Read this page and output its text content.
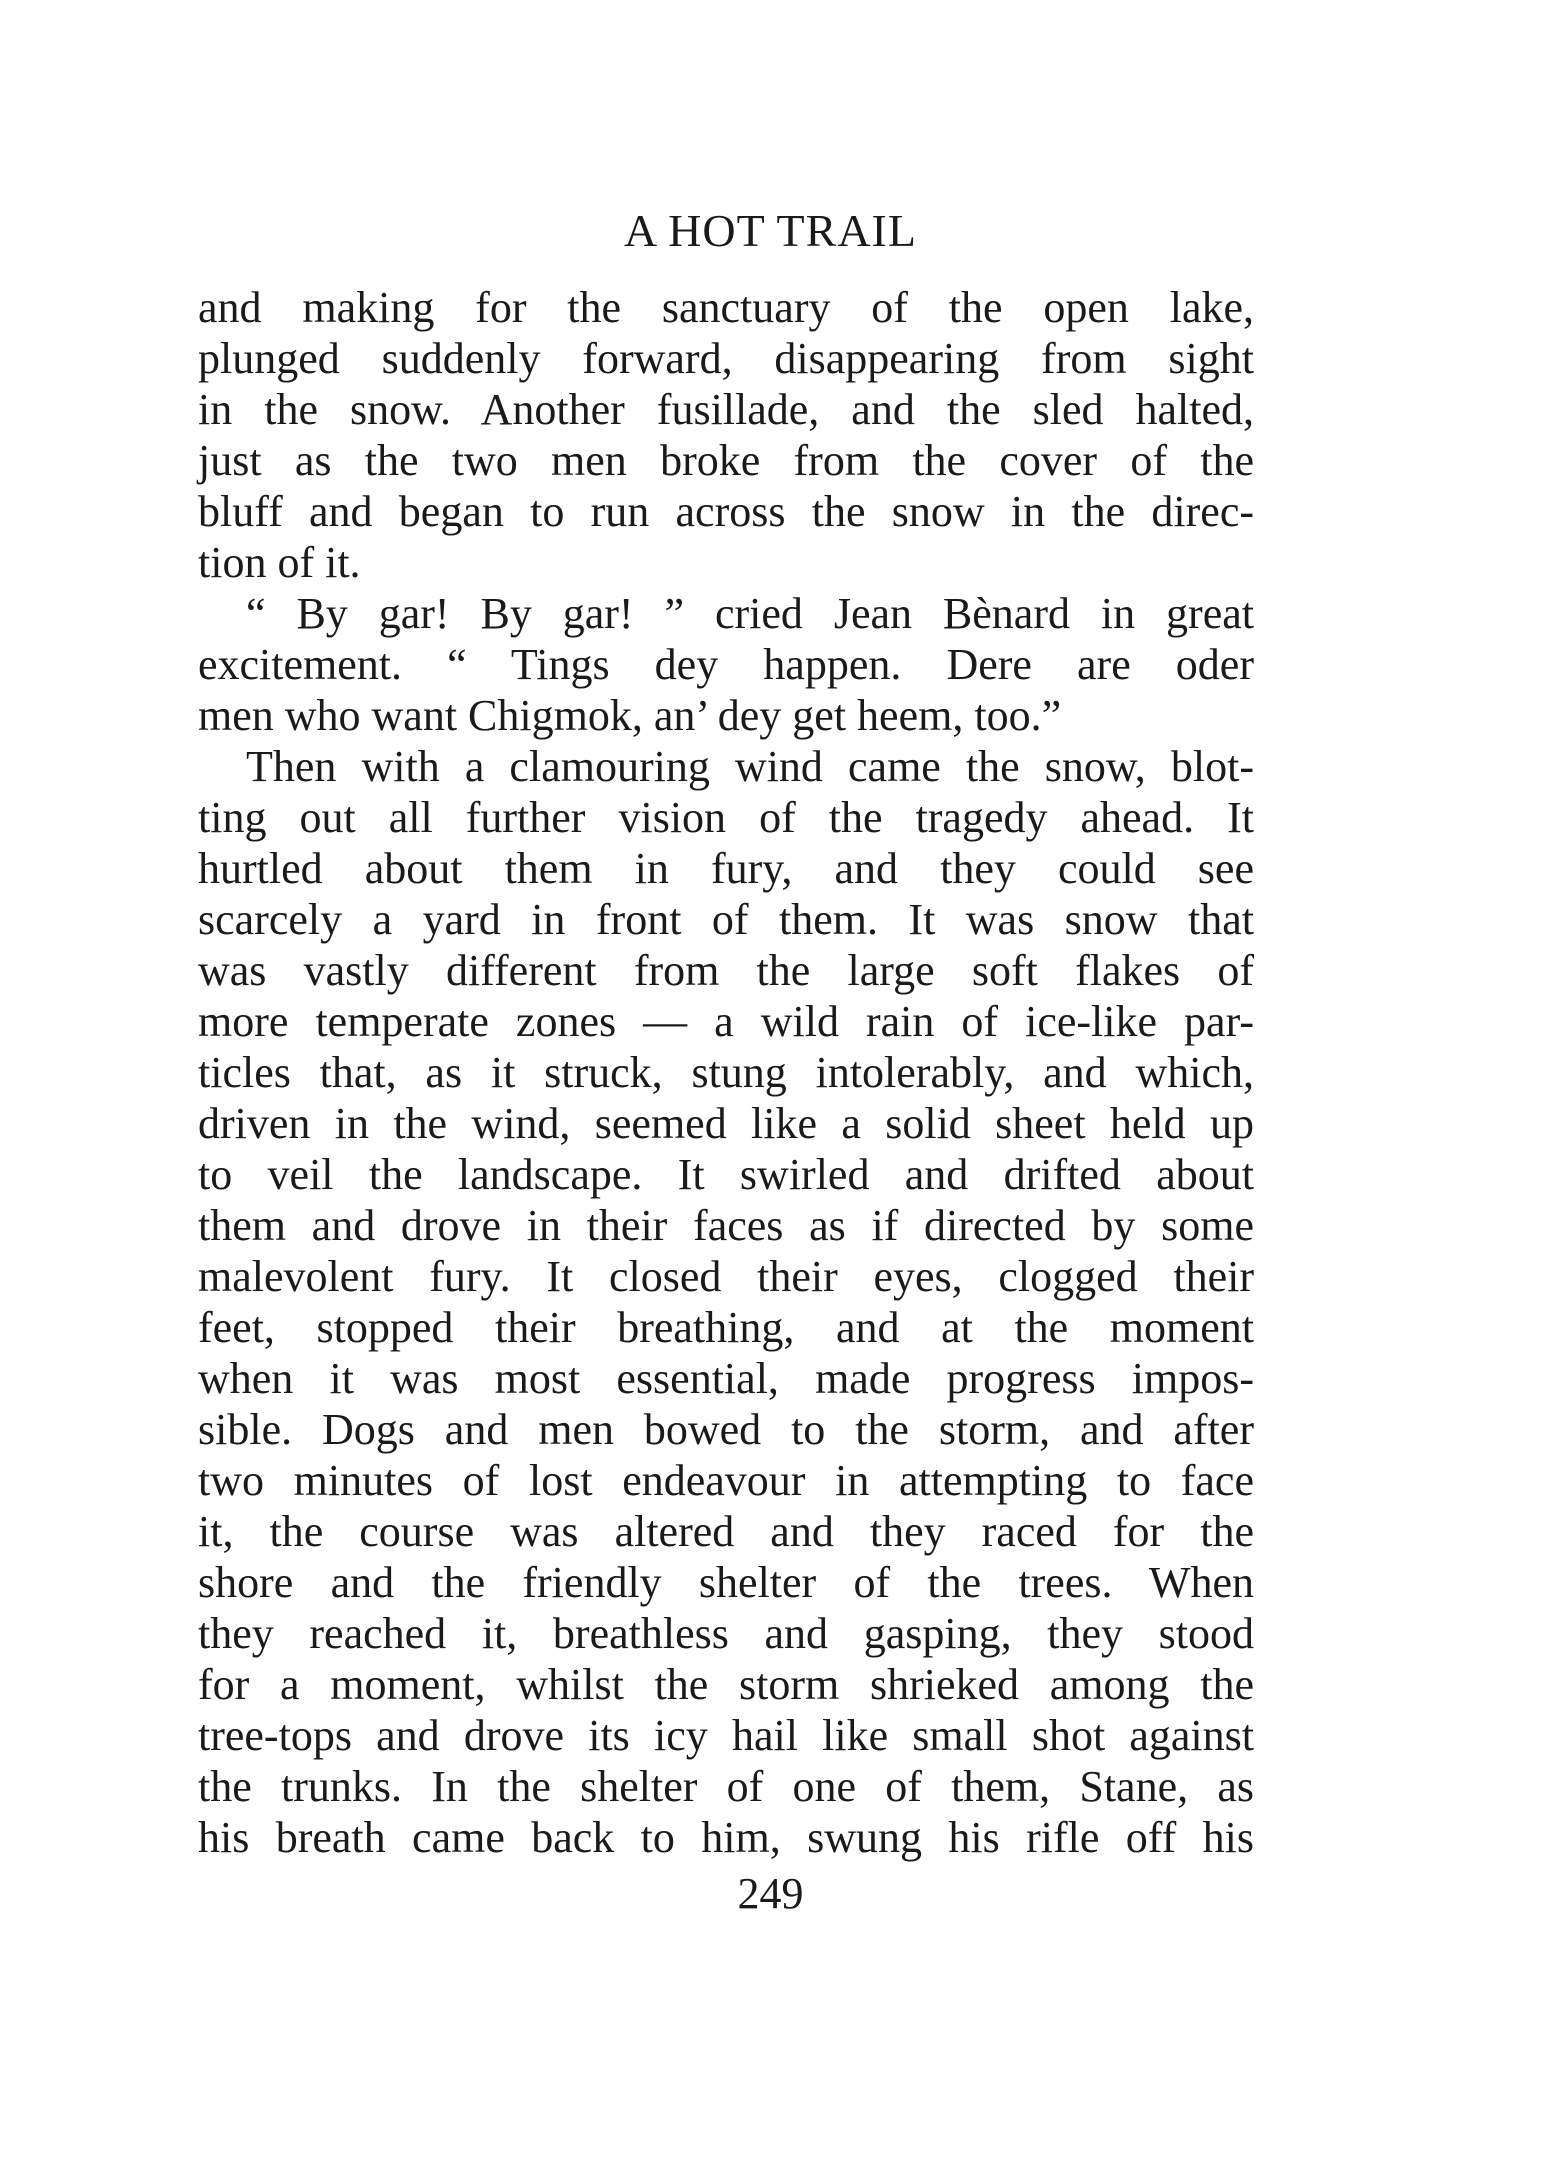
A HOT TRAIL
and making for the sanctuary of the open lake,
plunged suddenly forward, disappearing from sight
in the snow. Another fusillade, and the sled halted,
just as the two men broke from the cover of the
bluff and began to run across the snow in the direc-
tion of it.
“ By gar! By gar! ” cried Jean Bènard in great
excitement. “ Tings dey happen. Dere are oder
men who want Chigmok, an’ dey get heem, too.”
Then with a clamouring wind came the snow, blot-
ting out all further vision of the tragedy ahead. It
hurtled about them in fury, and they could see
scarcely a yard in front of them. It was snow that
was vastly different from the large soft flakes of
more temperate zones — a wild rain of ice-like par-
ticles that, as it struck, stung intolerably, and which,
driven in the wind, seemed like a solid sheet held up
to veil the landscape. It swirled and drifted about
them and drove in their faces as if directed by some
malevolent fury. It closed their eyes, clogged their
feet, stopped their breathing, and at the moment
when it was most essential, made progress impos-
sible. Dogs and men bowed to the storm, and after
two minutes of lost endeavour in attempting to face
it, the course was altered and they raced for the
shore and the friendly shelter of the trees. When
they reached it, breathless and gasping, they stood
for a moment, whilst the storm shrieked among the
tree-tops and drove its icy hail like small shot against
the trunks. In the shelter of one of them, Stane, as
his breath came back to him, swung his rifle off his
249
